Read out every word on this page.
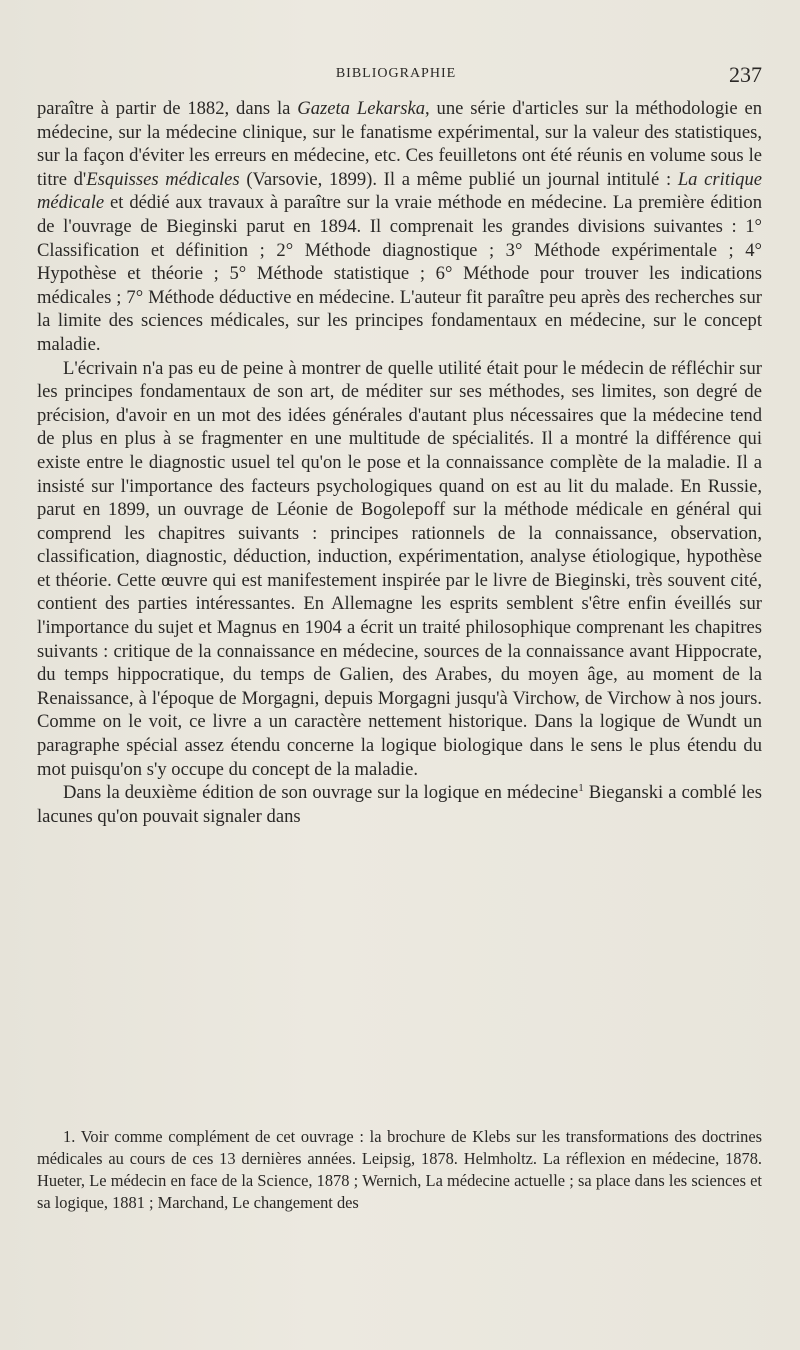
BIBLIOGRAPHIE	237

paraître à partir de 1882, dans la Gazeta Lekarska, une série d'articles sur la méthodologie en médecine, sur la médecine clinique, sur le fanatisme expérimental, sur la valeur des statistiques, sur la façon d'éviter les erreurs en médecine, etc. Ces feuilletons ont été réunis en volume sous le titre d'Esquisses médicales (Varsovie, 1899). Il a même publié un journal intitulé : La critique médicale et dédié aux travaux à paraître sur la vraie méthode en médecine. La première édition de l'ouvrage de Bieginski parut en 1894. Il comprenait les grandes divisions suivantes : 1° Classification et définition ; 2° Méthode diagnostique ; 3° Méthode expérimentale ; 4° Hypothèse et théorie ; 5° Méthode statistique ; 6° Méthode pour trouver les indications médicales ; 7° Méthode déductive en médecine. L'auteur fit paraître peu après des recherches sur la limite des sciences médicales, sur les principes fondamentaux en médecine, sur le concept maladie.

L'écrivain n'a pas eu de peine à montrer de quelle utilité était pour le médecin de réfléchir sur les principes fondamentaux de son art, de méditer sur ses méthodes, ses limites, son degré de précision, d'avoir en un mot des idées générales d'autant plus nécessaires que la médecine tend de plus en plus à se fragmenter en une multitude de spécialités. Il a montré la différence qui existe entre le diagnostic usuel tel qu'on le pose et la connaissance complète de la maladie. Il a insisté sur l'importance des facteurs psychologiques quand on est au lit du malade. En Russie, parut en 1899, un ouvrage de Léonie de Bogolepoff sur la méthode médicale en général qui comprend les chapitres suivants : principes rationnels de la connaissance, observation, classification, diagnostic, déduction, induction, expérimentation, analyse étiologique, hypothèse et théorie. Cette œuvre qui est manifestement inspirée par le livre de Bieginski, très souvent cité, contient des parties intéressantes. En Allemagne les esprits semblent s'être enfin éveillés sur l'importance du sujet et Magnus en 1904 a écrit un traité philosophique comprenant les chapitres suivants : critique de la connaissance en médecine, sources de la connaissance avant Hippocrate, du temps hippocratique, du temps de Galien, des Arabes, du moyen âge, au moment de la Renaissance, à l'époque de Morgagni, depuis Morgagni jusqu'à Virchow, de Virchow à nos jours. Comme on le voit, ce livre a un caractère nettement historique. Dans la logique de Wundt un paragraphe spécial assez étendu concerne la logique biologique dans le sens le plus étendu du mot puisqu'on s'y occupe du concept de la maladie.

Dans la deuxième édition de son ouvrage sur la logique en médecine$^1$ Bieganski a comblé les lacunes qu'on pouvait signaler dans

1. Voir comme complément de cet ouvrage : la brochure de Klebs sur les transformations des doctrines médicales au cours de ces 13 dernières années. Leipsig, 1878. Helmholtz. La réflexion en médecine, 1878. Hueter, Le médecin en face de la Science, 1878 ; Wernich, La médecine actuelle ; sa place dans les sciences et sa logique, 1881 ; Marchand, Le changement des
